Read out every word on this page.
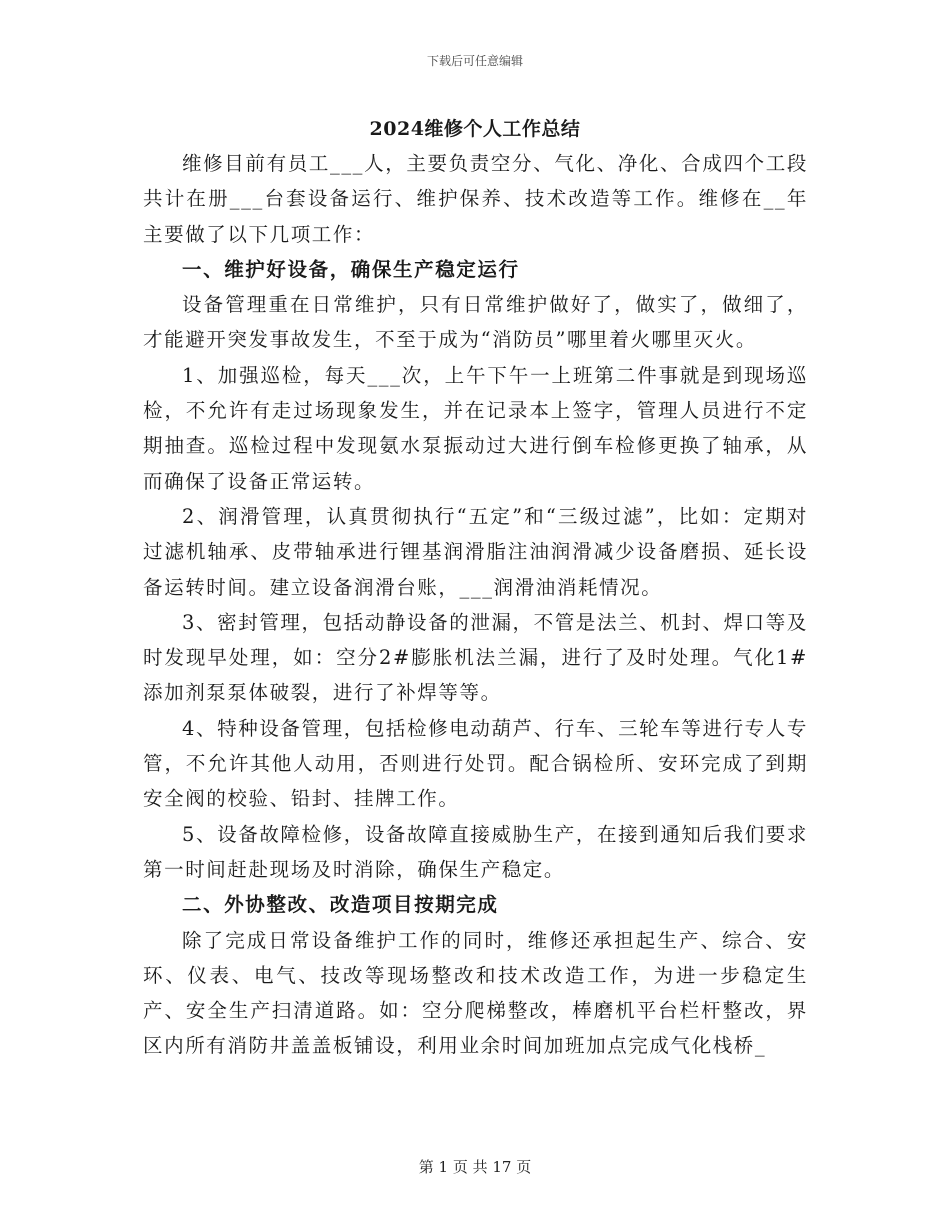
下载后可任意编辑
2024维修个人工作总结

维修目前有员工___人，主要负责空分、气化、净化、合成四个工段共计在册___台套设备运行、维护保养、技术改造等工作。维修在__年主要做了以下几项工作：

一、维护好设备，确保生产稳定运行

设备管理重在日常维护，只有日常维护做好了，做实了，做细了，才能避开突发事故发生，不至于成为“消防员”哪里着火哪里灭火。

1、加强巡检，每天___次，上午下午一上班第二件事就是到现场巡检，不允许有走过场现象发生，并在记录本上签字，管理人员进行不定期抽查。巡检过程中发现氨水泵振动过大进行倒车检修更换了轴承，从而确保了设备正常运转。

2、润滑管理，认真贯彻执行“五定”和“三级过滤”，比如：定期对过滤机轴承、皮带轴承进行锂基润滑脂注油润滑减少设备磨损、延长设备运转时间。建立设备润滑台账，___润滑油消耗情况。

3、密封管理，包括动静设备的泄漏，不管是法兰、机封、焊口等及时发现早处理，如：空分2#膨胀机法兰漏，进行了及时处理。气化1#添加剂泵泵体破裂，进行了补焊等等。

4、特种设备管理，包括检修电动葫芦、行车、三轮车等进行专人专管，不允许其他人动用，否则进行处罚。配合锅检所、安环完成了到期安全阀的校验、铅封、挂牌工作。

5、设备故障检修，设备故障直接威胁生产，在接到通知后我们要求第一时间赶赴现场及时消除，确保生产稳定。

二、外协整改、改造项目按期完成

除了完成日常设备维护工作的同时，维修还承担起生产、综合、安环、仪表、电气、技改等现场整改和技术改造工作，为进一步稳定生产、安全生产扫清道路。如：空分爬梯整改，棒磨机平台栏杆整改，界区内所有消防井盖盖板铺设，利用业余时间加班加点完成气化栈桥_

第 1 页 共 17 页
